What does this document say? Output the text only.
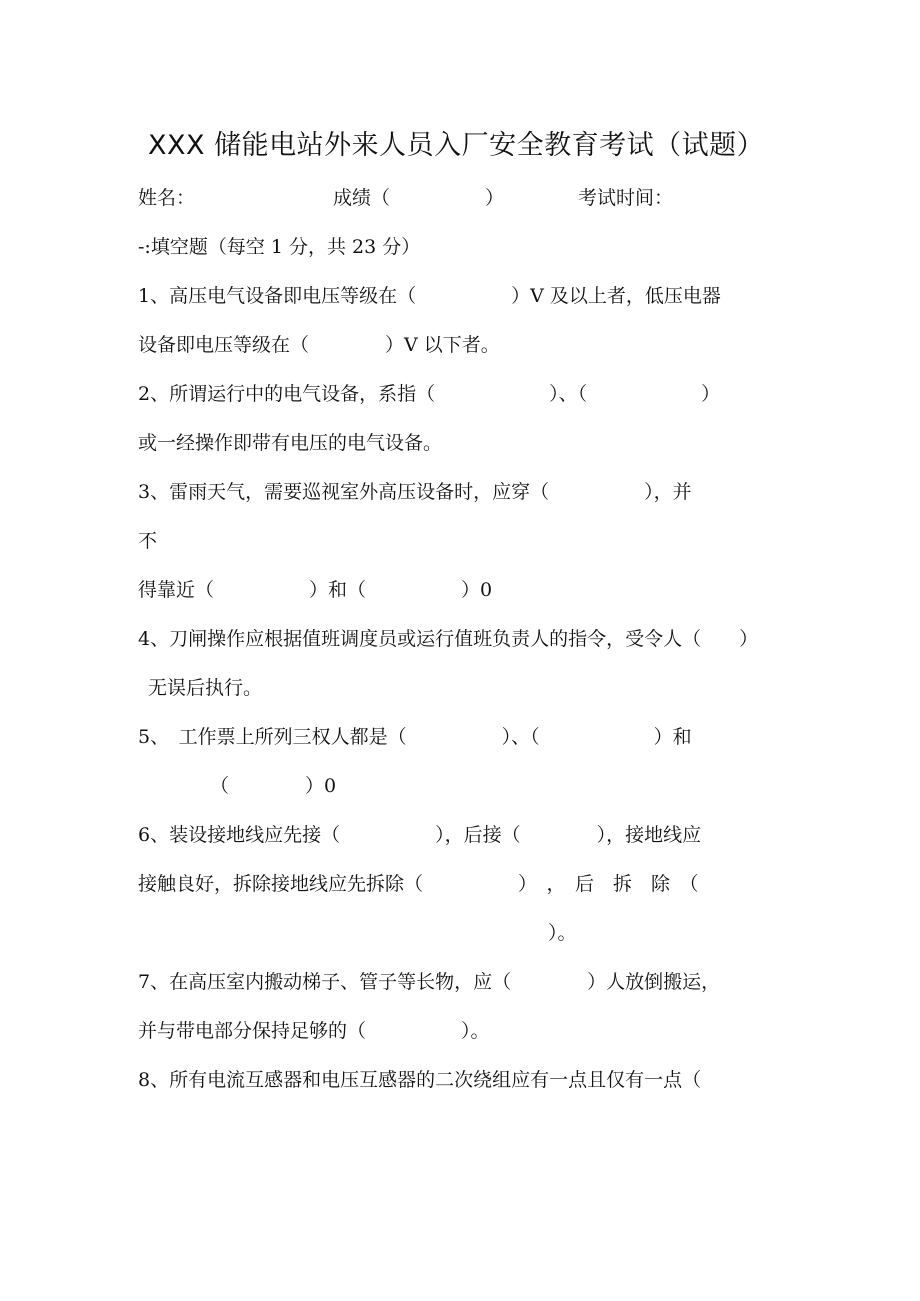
XXX 储能电站外来人员入厂安全教育考试（试题）
姓名：	成绩（　　　　　）	考试时间：
-:填空题（每空 1 分，共 23 分）
1、高压电气设备即电压等级在（　　　　　）V 及以上者，低压电器
设备即电压等级在（　　　　）V 以下者。
2、所谓运行中的电气设备，系指（　　　　　　）、（　　　　　　）
或一经操作即带有电压的电气设备。
3、雷雨天气，需要巡视室外高压设备时，应穿（　　　　　），并
不
得靠近（　　　　　）和（　　　　　）0
4、刀闸操作应根据值班调度员或运行值班负责人的指令，受令人（　　）
无误后执行。
5、　工作票上所列三权人都是（　　　　　）、（　　　　　　）和
（　　　　）0
6、装设接地线应先接（　　　　　），后接（　　　　），接地线应
接触良好，拆除接地线应先拆除（　　　　　）　，　后　拆　除　（
）。
7、在高压室内搬动梯子、管子等长物，应（　　　　）人放倒搬运，
并与带电部分保持足够的（　　　　　）。
8、所有电流互感器和电压互感器的二次绕组应有一点且仅有一点（
